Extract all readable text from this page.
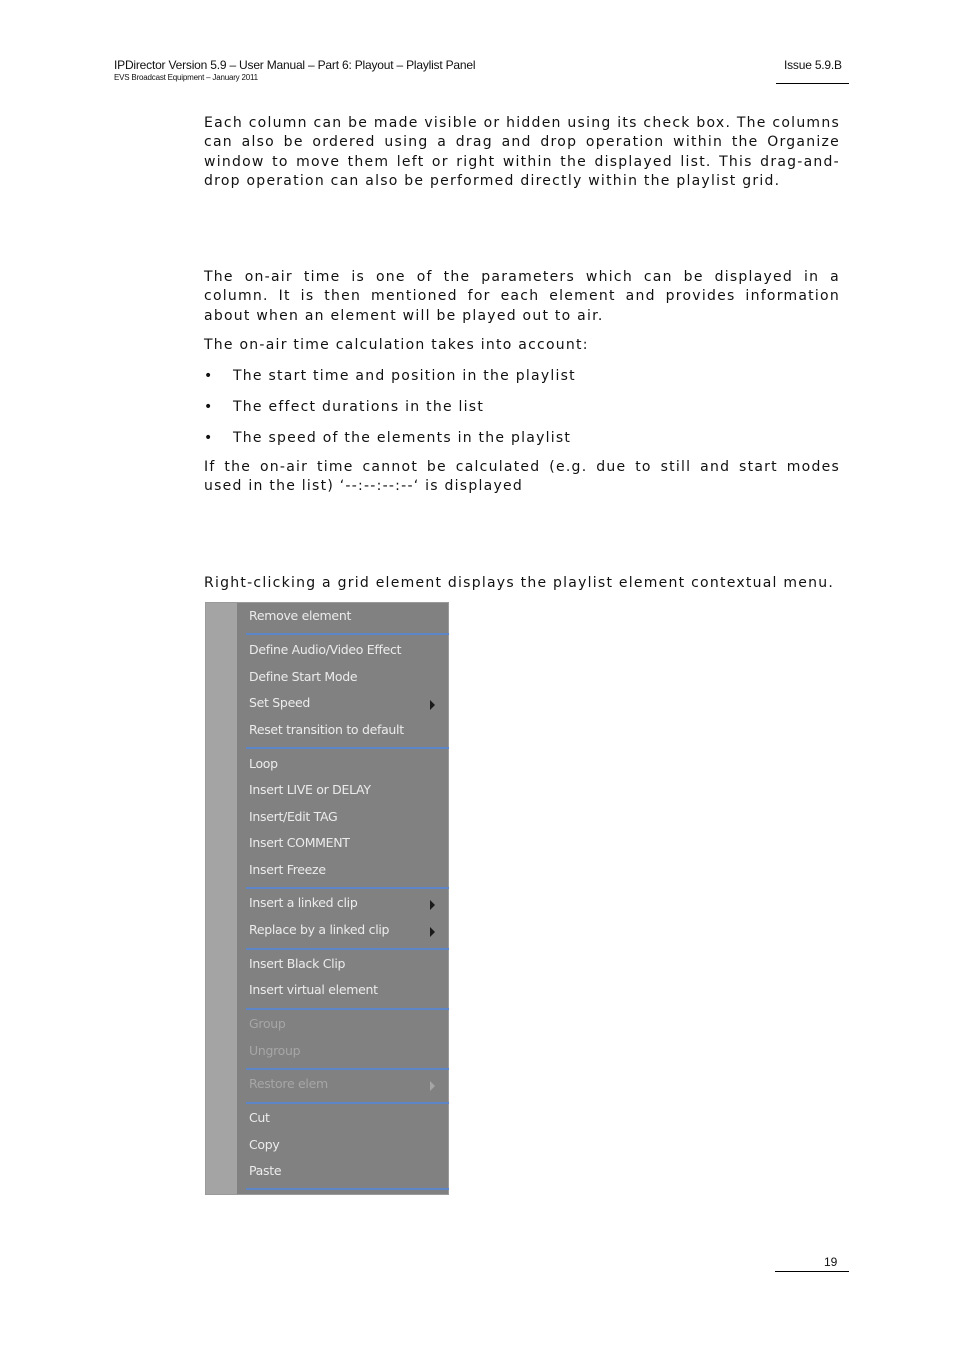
IPDirector Version 5.9 – User Manual – Part 6: Playout – Playlist Panel
EVS Broadcast Equipment – January 2011
Issue 5.9.B

Each column can be made visible or hidden using its check box. The columns can also be ordered using a drag and drop operation within the Organize window to move them left or right within the displayed list. This drag-and-drop operation can also be performed directly within the playlist grid.

The on-air time is one of the parameters which can be displayed in a column. It is then mentioned for each element and provides information about when an element will be played out to air.

The on-air time calculation takes into account:

• The start time and position in the playlist
• The effect durations in the list
• The speed of the elements in the playlist

If the on-air time cannot be calculated (e.g. due to still and start modes used in the list) ‘--:--:--:--‘ is displayed

Right-clicking a grid element displays the playlist element contextual menu.

Remove element
Define Audio/Video Effect
Define Start Mode
Set Speed
Reset transition to default
Loop
Insert LIVE or DELAY
Insert/Edit TAG
Insert COMMENT
Insert Freeze
Insert a linked clip
Replace by a linked clip
Insert Black Clip
Insert virtual element
Group
Ungroup
Restore elem
Cut
Copy
Paste
19
